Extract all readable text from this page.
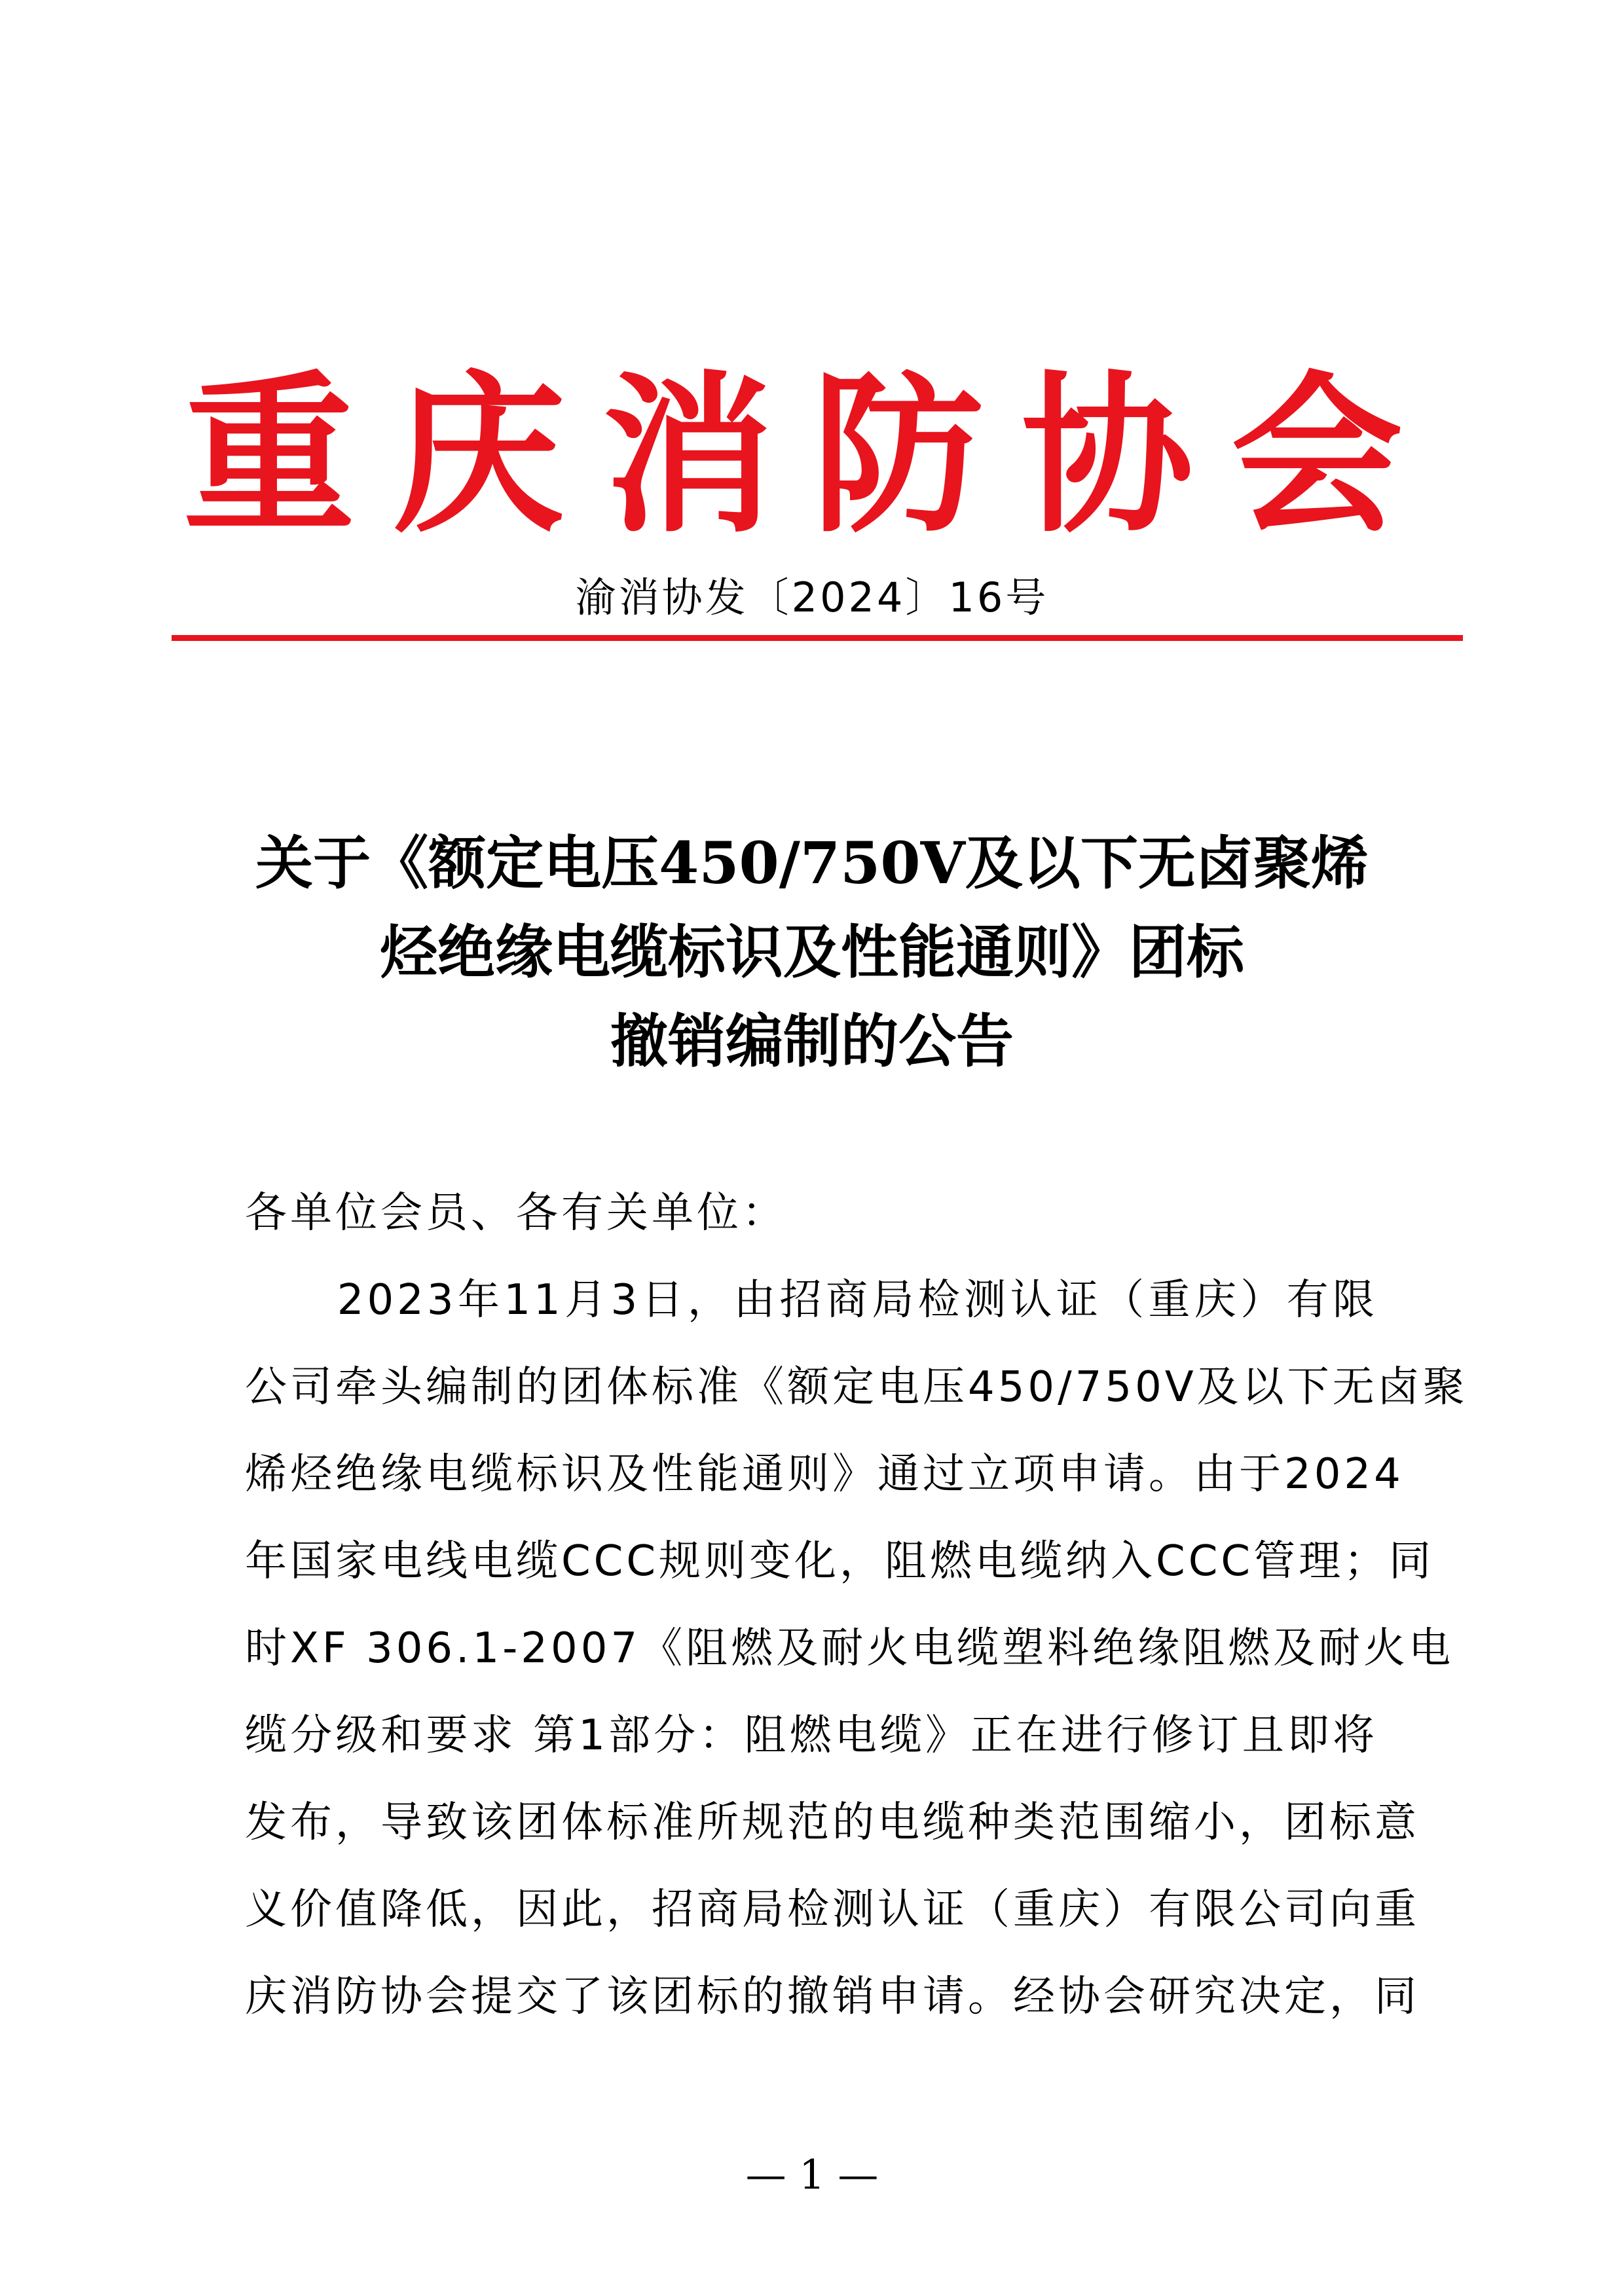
重庆消防协会
渝消协发〔2024〕16号
关于《额定电压450/750V及以下无卤聚烯
烃绝缘电缆标识及性能通则》团标
撤销编制的公告
各单位会员、各有关单位：
　　2023年11月3日，由招商局检测认证（重庆）有限
公司牵头编制的团体标准《额定电压450/750V及以下无卤聚
烯烃绝缘电缆标识及性能通则》通过立项申请。由于2024
年国家电线电缆CCC规则变化，阻燃电缆纳入CCC管理；同
时XF 306.1-2007《阻燃及耐火电缆塑料绝缘阻燃及耐火电
缆分级和要求 第1部分：阻燃电缆》正在进行修订且即将
发布，导致该团体标准所规范的电缆种类范围缩小，团标意
义价值降低，因此，招商局检测认证（重庆）有限公司向重
庆消防协会提交了该团标的撤销申请。经协会研究决定，同
— 1 —
